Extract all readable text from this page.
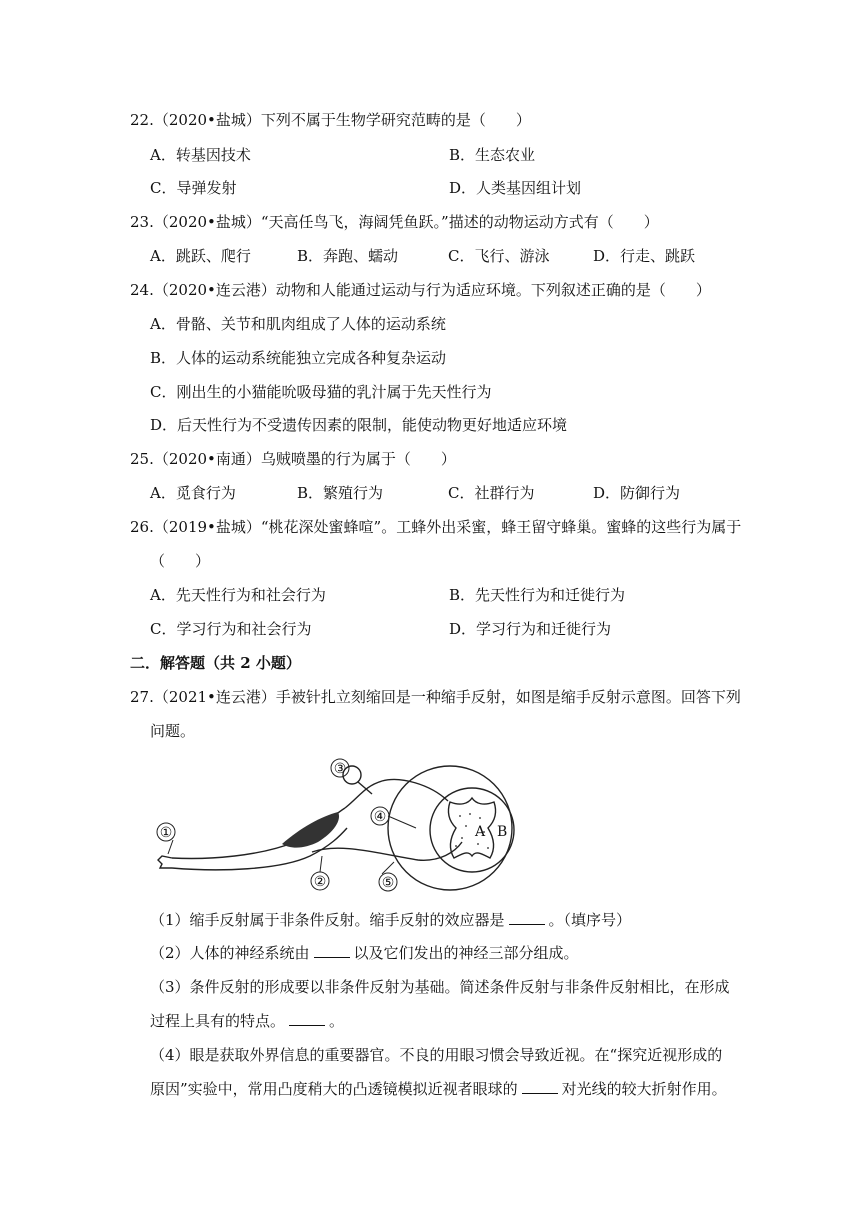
22.（2020•盐城）下列不属于生物学研究范畴的是（　　）
A．转基因技术	B．生态农业
C．导弹发射	D．人类基因组计划
23.（2020•盐城）“天高任鸟飞，海阔凭鱼跃。”描述的动物运动方式有（　　）
A．跳跃、爬行	B．奔跑、蠕动	C．飞行、游泳	D．行走、跳跃
24.（2020•连云港）动物和人能通过运动与行为适应环境。下列叙述正确的是（　　）
A．骨骼、关节和肌肉组成了人体的运动系统
B．人体的运动系统能独立完成各种复杂运动
C．刚出生的小猫能吮吸母猫的乳汁属于先天性行为
D．后天性行为不受遗传因素的限制，能使动物更好地适应环境
25.（2020•南通）乌贼喷墨的行为属于（　　）
A．觅食行为	B．繁殖行为	C．社群行为	D．防御行为
26.（2019•盐城）“桃花深处蜜蜂喧”。工蜂外出采蜜，蜂王留守蜂巢。蜜蜂的这些行为属于
（　　）
A．先天性行为和社会行为	B．先天性行为和迁徙行为
C．学习行为和社会行为	D．学习行为和迁徙行为
二．解答题（共 2 小题）
27.（2021•连云港）手被针扎立刻缩回是一种缩手反射，如图是缩手反射示意图。回答下列
问题。
①
②
③
④
⑤
A B
（1）缩手反射属于非条件反射。缩手反射的效应器是	。（填序号）
（2）人体的神经系统由	以及它们发出的神经三部分组成。
（3）条件反射的形成要以非条件反射为基础。简述条件反射与非条件反射相比，在形成
过程上具有的特点。	。
（4）眼是获取外界信息的重要器官。不良的用眼习惯会导致近视。在“探究近视形成的
原因”实验中，常用凸度稍大的凸透镜模拟近视者眼球的	对光线的较大折射作用。
